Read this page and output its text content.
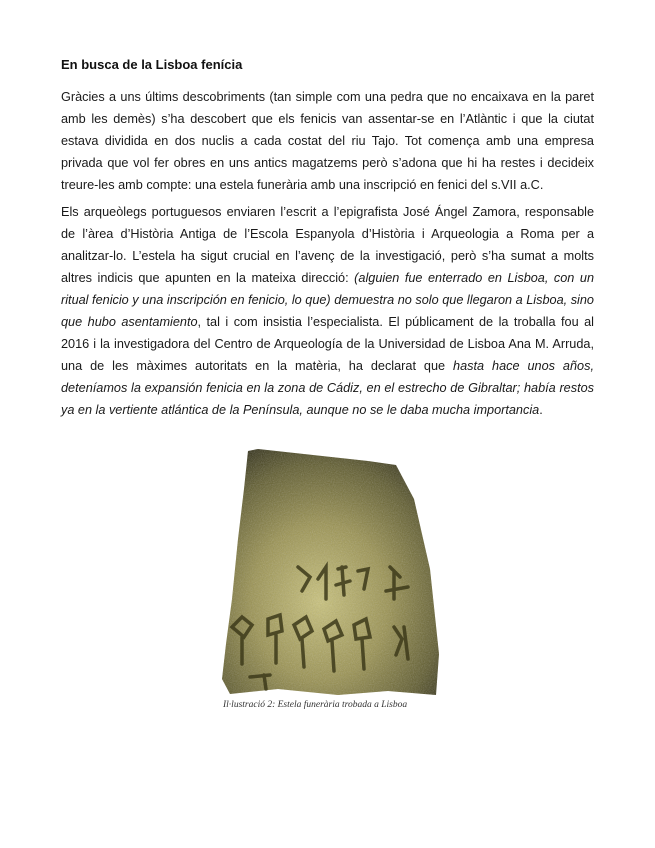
En busca de la Lisboa fenícia

Gràcies a uns últims descobriments (tan simple com una pedra que no encaixava en la paret amb les demès) s’ha descobert que els fenicis van assentar-se en l’Atlàntic i que la ciutat estava dividida en dos nuclis a cada costat del riu Tajo. Tot comença amb una empresa privada que vol fer obres en uns antics magatzems però s’adona que hi ha restes i decideix treure-les amb compte: una estela funerària amb una inscripció en fenici del s.VII a.C.

Els arqueòlegs portuguesos enviaren l’escrit a l’epigrafista José Ángel Zamora, responsable de l’àrea d’Història Antiga de l’Escola Espanyola d’Història i Arqueologia a Roma per a analitzar-lo. L’estela ha sigut crucial en l’avenç de la investigació, però s’ha sumat a molts altres indicis que apunten en la mateixa direcció: (alguien fue enterrado en Lisboa, con un ritual fenicio y una inscripción en fenicio, lo que) demuestra no solo que llegaron a Lisboa, sino que hubo asentamiento, tal i com insistia l’especialista. El públicament de la troballa fou al 2016 i la investigadora del Centro de Arqueología de la Universidad de Lisboa Ana M. Arruda, una de les màximes autoritats en la matèria, ha declarat que hasta hace unos años, deteníamos la expansión fenicia en la zona de Cádiz, en el estrecho de Gibraltar; había restos ya en la vertiente atlántica de la Península, aunque no se le daba mucha importancia.

Il·lustració 2: Estela funerària trobada a Lisboa
